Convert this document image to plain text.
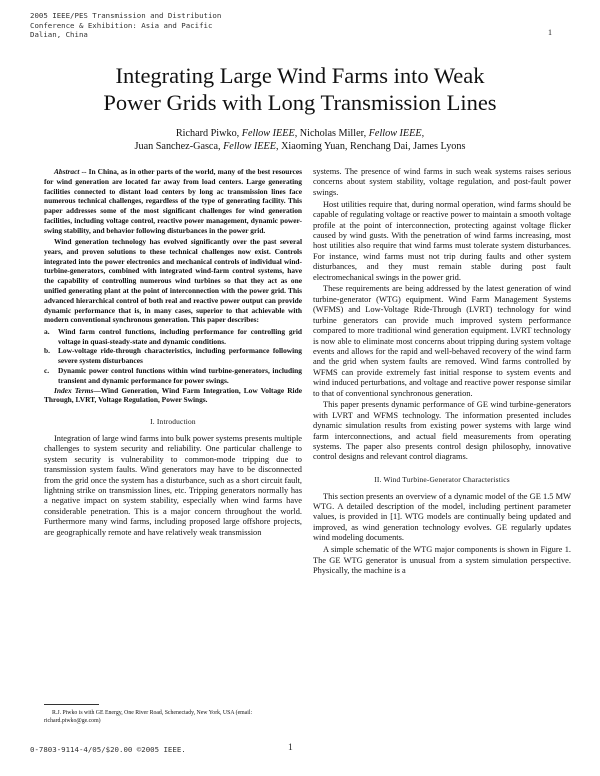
2005 IEEE/PES Transmission and Distribution
Conference & Exhibition: Asia and Pacific
Dalian, China	1
Integrating Large Wind Farms into Weak
Power Grids with Long Transmission Lines
Richard Piwko, Fellow IEEE, Nicholas Miller, Fellow IEEE,
Juan Sanchez-Gasca, Fellow IEEE, Xiaoming Yuan, Renchang Dai, James Lyons

Abstract -- In China, as in other parts of the world, many of the best resources for wind generation are located far away from load centers. Large generating facilities connected to distant load centers by long ac transmission lines face numerous technical challenges, regardless of the type of generating facility. This paper addresses some of the most significant challenges for wind generation facilities, including voltage control, reactive power management, dynamic power-swing stability, and behavior following disturbances in the power grid.

Wind generation technology has evolved significantly over the past several years, and proven solutions to these technical challenges now exist. Controls integrated into the power electronics and mechanical controls of individual wind-turbine-generators, combined with integrated wind-farm control systems, have the capability of controlling numerous wind turbines so that they act as one unified generating plant at the point of interconnection with the power grid. This advanced hierarchical control of both real and reactive power output can provide dynamic performance that is, in many cases, superior to that achievable with modern conventional synchronous generation. This paper describes:

a. Wind farm control functions, including performance for controlling grid voltage in quasi-steady-state and dynamic conditions.
b. Low-voltage ride-through characteristics, including performance following severe system disturbances
c. Dynamic power control functions within wind turbine-generators, including transient and dynamic performance for power swings.

Index Terms—Wind Generation, Wind Farm Integration, Low Voltage Ride Through, LVRT, Voltage Regulation, Power Swings.

I. Introduction

Integration of large wind farms into bulk power systems presents multiple challenges to system security and reliability. One particular challenge to system security is vulnerability to common-mode tripping due to transmission system faults. Wind generators may have to be disconnected from the grid once the system has a disturbance, such as a short circuit fault, lightning strike on transmission lines, etc. Tripping generators normally has a negative impact on system stability, especially when wind farms have considerable penetration. This is a major concern throughout the world. Furthermore many wind farms, including proposed large offshore projects, are geographically remote and have relatively weak transmission

systems. The presence of wind farms in such weak systems raises serious concerns about system stability, voltage regulation, and post-fault power swings.

Host utilities require that, during normal operation, wind farms should be capable of regulating voltage or reactive power to maintain a smooth voltage profile at the point of interconnection, protecting against voltage flicker caused by wind gusts. With the penetration of wind farms increasing, most host utilities also require that wind farms must tolerate system disturbances. For instance, wind farms must not trip during faults and other system disturbances, and they must remain stable during post fault electromechanical swings in the power grid.

These requirements are being addressed by the latest generation of wind turbine-generator (WTG) equipment. Wind Farm Management Systems (WFMS) and Low-Voltage Ride-Through (LVRT) technology for wind turbine generators can provide much improved system performance compared to more traditional wind generation equipment. LVRT technology is now able to eliminate most concerns about tripping during system voltage events and allows for the rapid and well-behaved recovery of the wind farm and the grid when system faults are removed. Wind farms controlled by WFMS can provide extremely fast initial response to system events and wind induced perturbations, and voltage and reactive power response similar to that of conventional synchronous generation.

This paper presents dynamic performance of GE wind turbine-generators with LVRT and WFMS technology. The information presented includes dynamic simulation results from existing power systems with large wind farm interconnections, and actual field measurements from operating systems. The paper also presents control design philosophy, innovative control designs and relevant control diagrams.

II. Wind Turbine-Generator Characteristics

This section presents an overview of a dynamic model of the GE 1.5 MW WTG. A detailed description of the model, including pertinent parameter values, is provided in [1]. WTG models are continually being updated and improved, as wind generation technology evolves. GE regularly updates wind modeling documents.

A simple schematic of the WTG major components is shown in Figure 1. The GE WTG generator is unusual from a system simulation perspective. Physically, the machine is a

R.J. Piwko is with GE Energy, One River Road, Schenectady, New York, USA (email: richard.piwko@ge.com)
0-7803-9114-4/05/$20.00 ©2005 IEEE.	1
